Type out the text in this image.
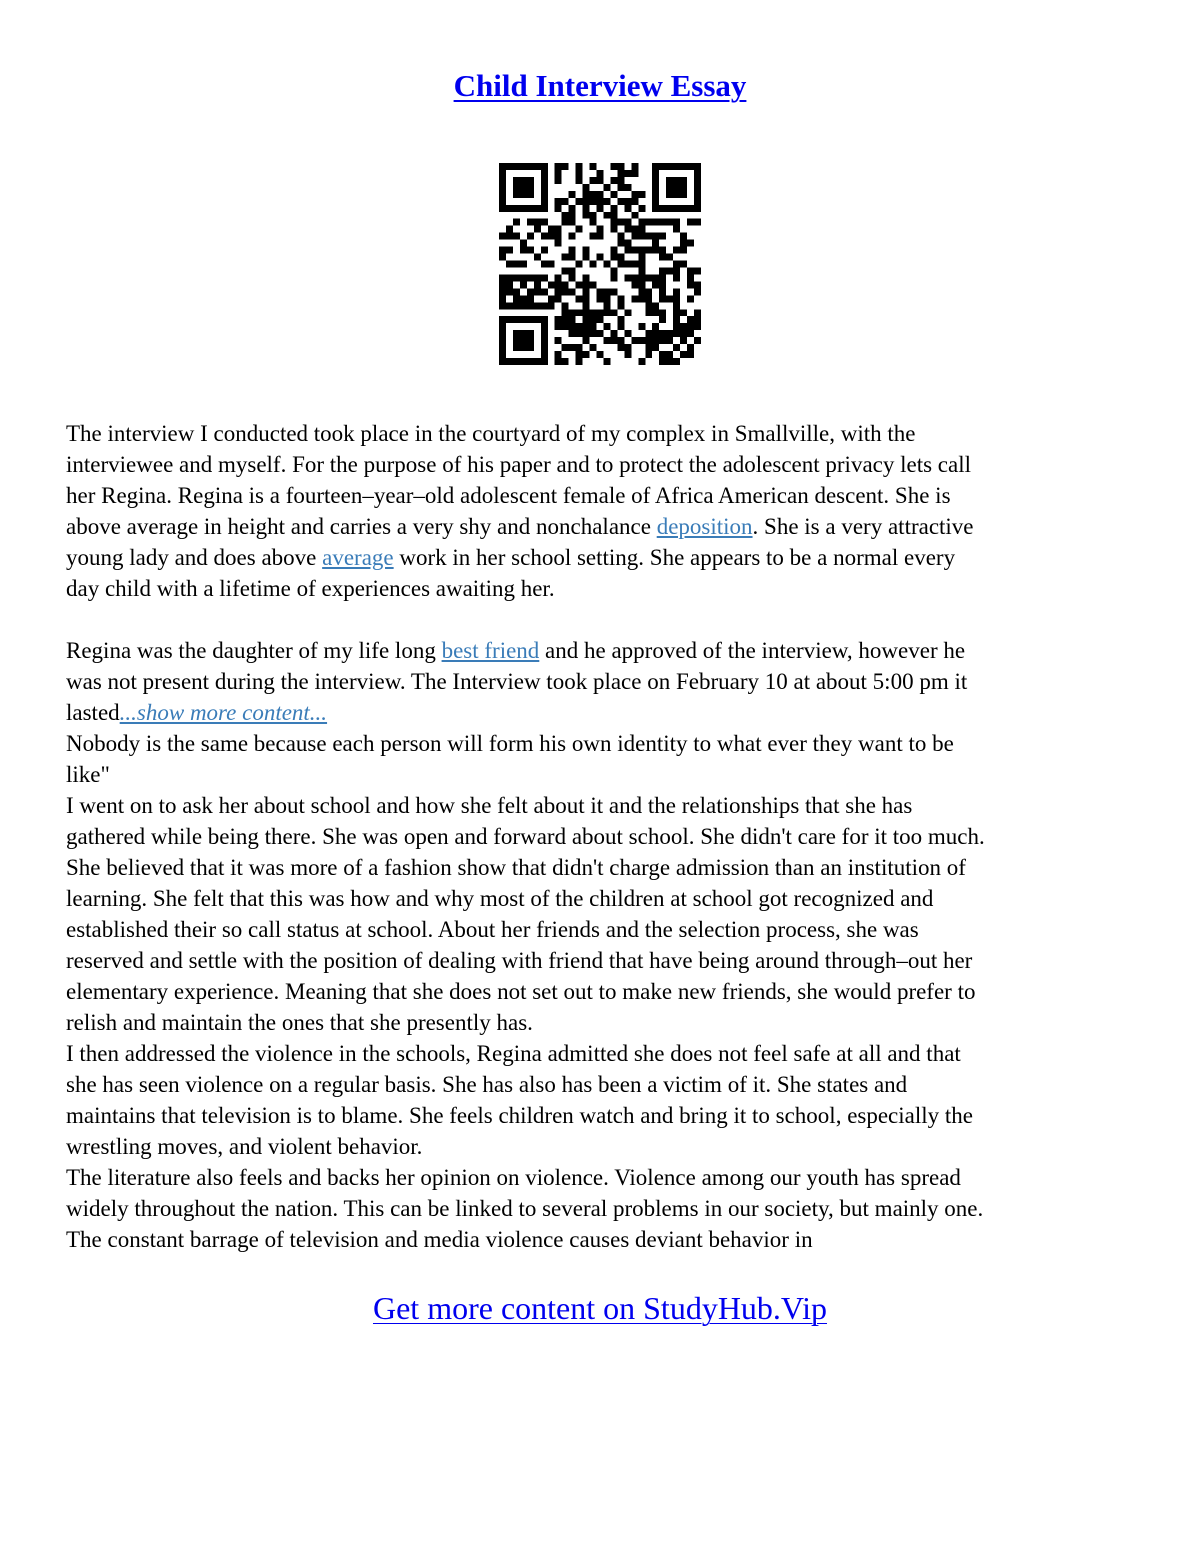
Child Interview Essay
The interview I conducted took place in the courtyard of my complex in Smallville, with the
interviewee and myself. For the purpose of his paper and to protect the adolescent privacy lets call
her Regina. Regina is a fourteen–year–old adolescent female of Africa American descent. She is
above average in height and carries a very shy and nonchalance deposition. She is a very attractive
young lady and does above average work in her school setting. She appears to be a normal every
day child with a lifetime of experiences awaiting her.
Regina was the daughter of my life long best friend and he approved of the interview, however he
was not present during the interview. The Interview took place on February 10 at about 5:00 pm it
lasted...show more content...
Nobody is the same because each person will form his own identity to what ever they want to be
like"
I went on to ask her about school and how she felt about it and the relationships that she has
gathered while being there. She was open and forward about school. She didn't care for it too much.
She believed that it was more of a fashion show that didn't charge admission than an institution of
learning. She felt that this was how and why most of the children at school got recognized and
established their so call status at school. About her friends and the selection process, she was
reserved and settle with the position of dealing with friend that have being around through–out her
elementary experience. Meaning that she does not set out to make new friends, she would prefer to
relish and maintain the ones that she presently has.
I then addressed the violence in the schools, Regina admitted she does not feel safe at all and that
she has seen violence on a regular basis. She has also has been a victim of it. She states and
maintains that television is to blame. She feels children watch and bring it to school, especially the
wrestling moves, and violent behavior.
The literature also feels and backs her opinion on violence. Violence among our youth has spread
widely throughout the nation. This can be linked to several problems in our society, but mainly one.
The constant barrage of television and media violence causes deviant behavior in
Get more content on StudyHub.Vip
